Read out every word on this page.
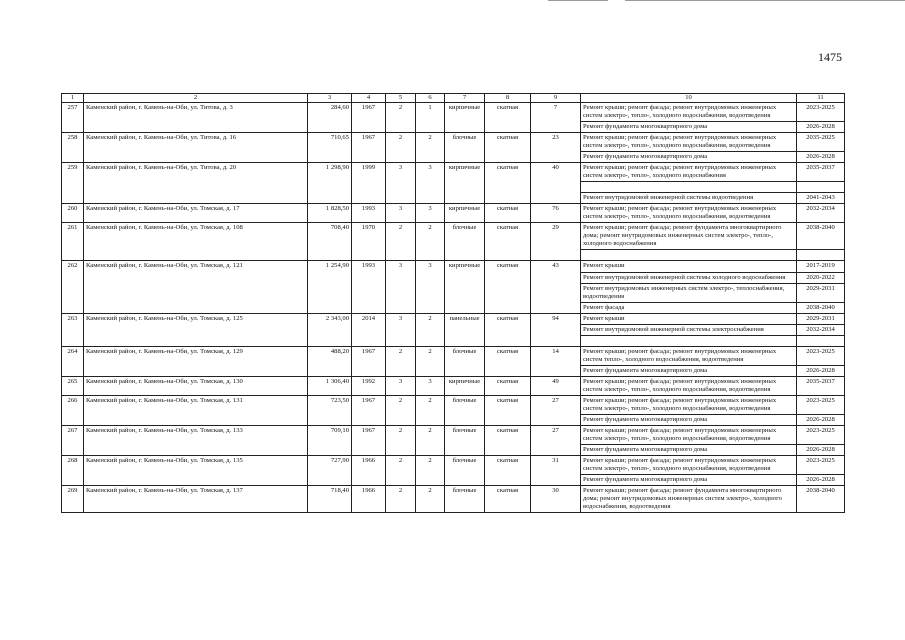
1475
1	2	3	4	5	6	7	8	9	10	11
257	Каменский район, г. Камень-на-Оби, ул. Титова, д. 3	284,60	1967	2	1	кирпичные	скатная	7	Ремонт крыши; ремонт фасада; ремонт внутридомовых инженерных систем электро-, тепло-, холодного водоснабжения, водоотведения	2023-2025
									Ремонт фундамента многоквартирного дома	2026-2028
258	Каменский район, г. Камень-на-Оби, ул. Титова, д. 16	710,65	1967	2	2	блочные	скатная	23	Ремонт крыши; ремонт фасада; ремонт внутридомовых инженерных систем электро-, тепло-, холодного водоснабжения, водоотведения	2035-2025
									Ремонт фундамента многоквартирного дома	2026-2028
259	Каменский район, г. Камень-на-Оби, ул. Титова, д. 20	1 298,90	1999	3	3	кирпичные	скатная	40	Ремонт крыши; ремонт фасада; ремонт внутридомовых инженерных систем электро-, тепло-, холодного водоснабжения	2035-2037

									Ремонт внутридомовой инженерной системы водоотведения	2041-2043
260	Каменский район, г. Камень-на-Оби, ул. Томская, д. 17	1 828,50	1993	3	3	кирпичные	скатная	76	Ремонт крыши; ремонт фасада; ремонт внутридомовых инженерных систем электро-, тепло-, холодного водоснабжения, водоотведения	2032-2034
261	Каменский район, г. Камень-на-Оби, ул. Томская, д. 108	708,40	1970	2	2	блочные	скатная	29	Ремонт крыши; ремонт фасада; ремонт фундамента многоквартирного дома; ремонт внутридомовых инженерных систем электро-, тепло-, холодного водоснабжения	2038-2040

262	Каменский район, г. Камень-на-Оби, ул. Томская, д. 121	1 254,90	1993	3	3	кирпичные	скатная	43	Ремонт крыши	2017-2019
									Ремонт внутридомовой инженерной системы холодного водоснабжения	2020-2022
									Ремонт внутридомовых инженерных систем электро-, теплоснабжения, водоотведения	2029-2031
									Ремонт фасада	2038-2040
263	Каменский район, г. Камень-на-Оби, ул. Томская, д. 125	2 343,00	2014	3	2	панельные	скатная	94	Ремонт крыши	2029-2031
									Ремонт внутридомовой инженерной системы электроснабжения	2032-2034

264	Каменский район, г. Камень-на-Оби, ул. Томская, д. 129	488,20	1967	2	2	блочные	скатная	14	Ремонт крыши; ремонт фасада; ремонт внутридомовых инженерных систем тепло-, холодного водоснабжения, водоотведения	2023-2025
									Ремонт фундамента многоквартирного дома	2026-2028
265	Каменский район, г. Камень-на-Оби, ул. Томская, д. 130	1 306,40	1992	3	3	кирпичные	скатная	49	Ремонт крыши; ремонт фасада; ремонт внутридомовых инженерных систем электро-, тепло-, холодного водоснабжения, водоотведения	2035-2037
266	Каменский район, г. Камень-на-Оби, ул. Томская, д. 131	723,50	1967	2	2	блочные	скатная	27	Ремонт крыши; ремонт фасада; ремонт внутридомовых инженерных систем электро-, тепло-, холодного водоснабжения, водоотведения	2023-2025
									Ремонт фундамента многоквартирного дома	2026-2028
267	Каменский район, г. Камень-на-Оби, ул. Томская, д. 133	709,10	1967	2	2	блочные	скатная	27	Ремонт крыши; ремонт фасада; ремонт внутридомовых инженерных систем электро-, тепло-, холодного водоснабжения, водоотведения	2023-2025
									Ремонт фундамента многоквартирного дома	2026-2028
268	Каменский район, г. Камень-на-Оби, ул. Томская, д. 135	727,90	1966	2	2	блочные	скатная	31	Ремонт крыши; ремонт фасада; ремонт внутридомовых инженерных систем электро-, тепло-, холодного водоснабжения, водоотведения	2023-2025
									Ремонт фундамента многоквартирного дома	2026-2028
269	Каменский район, г. Камень-на-Оби, ул. Томская, д. 137	718,40	1966	2	2	блочные	скатная	30	Ремонт крыши; ремонт фасада; ремонт фундамента многоквартирного дома; ремонт внутридомовых инженерных систем электро-, холодного водоснабжения, водоотведения	2038-2040
